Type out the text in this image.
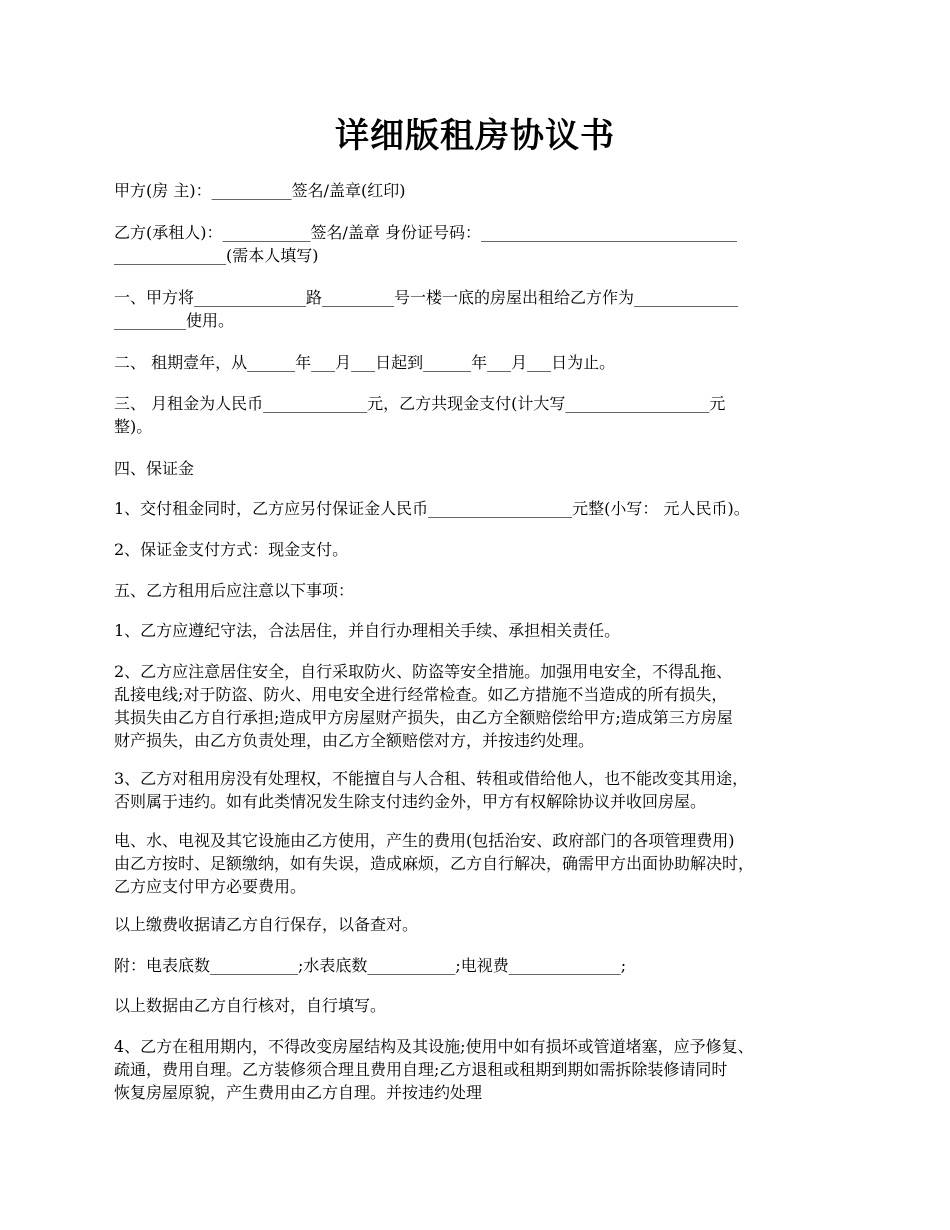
详细版租房协议书
甲方(房 主)：__________签名/盖章(红印)
乙方(承租人)：___________签名/盖章 身份证号码：________________________________
______________(需本人填写)
一、甲方将______________路_________号一楼一底的房屋出租给乙方作为_____________
_________使用。
二、 租期壹年，从______年___月___日起到______年___月___日为止。
三、 月租金为人民币_____________元，乙方共现金支付(计大写__________________元
整)。
四、保证金
1、交付租金同时，乙方应另付保证金人民币__________________元整(小写： 元人民币)。
2、保证金支付方式：现金支付。
五、乙方租用后应注意以下事项：
1、乙方应遵纪守法，合法居住，并自行办理相关手续、承担相关责任。
2、乙方应注意居住安全，自行采取防火、防盗等安全措施。加强用电安全，不得乱拖、
乱接电线;对于防盗、防火、用电安全进行经常检查。如乙方措施不当造成的所有损失，
其损失由乙方自行承担;造成甲方房屋财产损失，由乙方全额赔偿给甲方;造成第三方房屋
财产损失，由乙方负责处理，由乙方全额赔偿对方，并按违约处理。
3、乙方对租用房没有处理权，不能擅自与人合租、转租或借给他人，也不能改变其用途，
否则属于违约。如有此类情况发生除支付违约金外，甲方有权解除协议并收回房屋。
电、水、电视及其它设施由乙方使用，产生的费用(包括治安、政府部门的各项管理费用)
由乙方按时、足额缴纳，如有失误，造成麻烦，乙方自行解决，确需甲方出面协助解决时，
乙方应支付甲方必要费用。
以上缴费收据请乙方自行保存，以备查对。
附：电表底数___________;水表底数___________;电视费______________;
以上数据由乙方自行核对，自行填写。
4、乙方在租用期内，不得改变房屋结构及其设施;使用中如有损坏或管道堵塞，应予修复、
疏通，费用自理。乙方装修须合理且费用自理;乙方退租或租期到期如需拆除装修请同时
恢复房屋原貌，产生费用由乙方自理。并按违约处理
